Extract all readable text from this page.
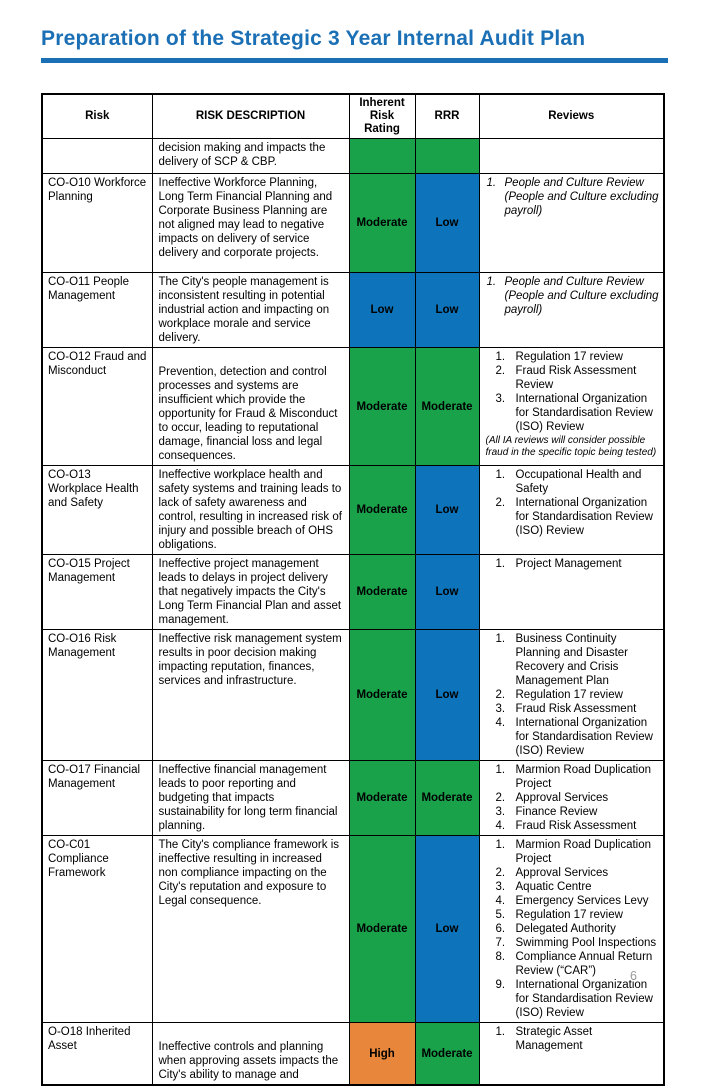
Preparation of the Strategic 3 Year Internal Audit Plan
Risk	RISK DESCRIPTION	Inherent Risk Rating	RRR	Reviews
	decision making and impacts the delivery of SCP & CBP.			
CO-O10 Workforce Planning	Ineffective Workforce Planning, Long Term Financial Planning and Corporate Business Planning are not aligned may lead to negative impacts on delivery of service delivery and corporate projects.	Moderate	Low	1. People and Culture Review (People and Culture excluding payroll)

CO-O11 People Management	The City's people management is inconsistent resulting in potential industrial action and impacting on workplace morale and service delivery.	Low	Low	1. People and Culture Review (People and Culture excluding payroll)

CO-O12 Fraud and Misconduct	Prevention, detection and control processes and systems are insufficient which provide the opportunity for Fraud & Misconduct to occur, leading to reputational damage, financial loss and legal consequences.	Moderate	Moderate	
1. Regulation 17 review
2. Fraud Risk Assessment Review
3. International Organization for Standardisation Review (ISO) Review
(All IA reviews will consider possible fraud in the specific topic being tested)

CO-O13 Workplace Health and Safety	Ineffective workplace health and safety systems and training leads to lack of safety awareness and control, resulting in increased risk of injury and possible breach of OHS obligations.	Moderate	Low	1. Occupational Health and Safety
2. International Organization for Standardisation Review (ISO) Review

CO-O15 Project Management	Ineffective project management leads to delays in project delivery that negatively impacts the City's Long Term Financial Plan and asset management.	Moderate	Low	1. Project Management

CO-O16 Risk Management	Ineffective risk management system results in poor decision making impacting reputation, finances, services and infrastructure.	Moderate	Low	
1. Business Continuity Planning and Disaster Recovery and Crisis Management Plan
2. Regulation 17 review
3. Fraud Risk Assessment
4. International Organization for Standardisation Review (ISO) Review

CO-O17 Financial Management	Ineffective financial management leads to poor reporting and budgeting that impacts sustainability for long term financial planning.	Moderate	Moderate	
1. Marmion Road Duplication Project
2. Approval Services
3. Finance Review
4. Fraud Risk Assessment

CO-C01 Compliance Framework	The City's compliance framework is ineffective resulting in increased non compliance impacting on the City's reputation and exposure to Legal consequence.	Moderate	Low	
1. Marmion Road Duplication Project
2. Approval Services
3. Aquatic Centre
4. Emergency Services Levy
5. Regulation 17 review
6. Delegated Authority
7. Swimming Pool Inspections
8. Compliance Annual Return Review (“CAR”)
9. International Organization for Standardisation Review (ISO) Review

O-O18 Inherited Asset	Ineffective controls and planning when approving assets impacts the City's ability to manage and	High	Moderate	1. Strategic Asset Management
6
